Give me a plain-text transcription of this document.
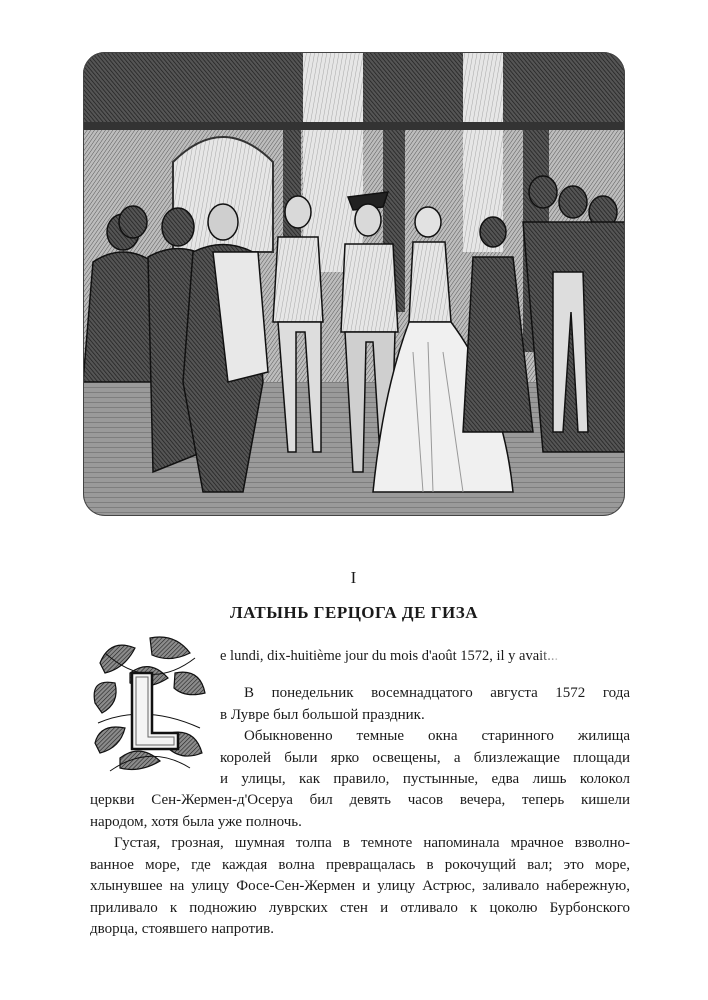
I
ЛАТЫНЬ ГЕРЦОГА ДЕ ГИЗА
L
e lundi, dix-huitième jour du mois d'août 1572, il y avait...
В понедельник восемнадцатого августа 1572 года
в Лувре был большой праздник.
Обыкновенно темные окна старинного жилища
королей были ярко освещены, а близлежащие площади
и улицы, как правило, пустынные, едва лишь колокол
церкви Сен-Жермен-д'Осеруа бил девять часов вечера, теперь кишели
народом, хотя была уже полночь.
Густая, грозная, шумная толпа в темноте напоминала мрачное взволно-
ванное море, где каждая волна превращалась в рокочущий вал; это море,
хлынувшее на улицу Фосе-Сен-Жермен и улицу Астрюс, заливало набережную,
приливало к подножию луврских стен и отливало к цоколю Бурбонского
дворца, стоявшего напротив.
